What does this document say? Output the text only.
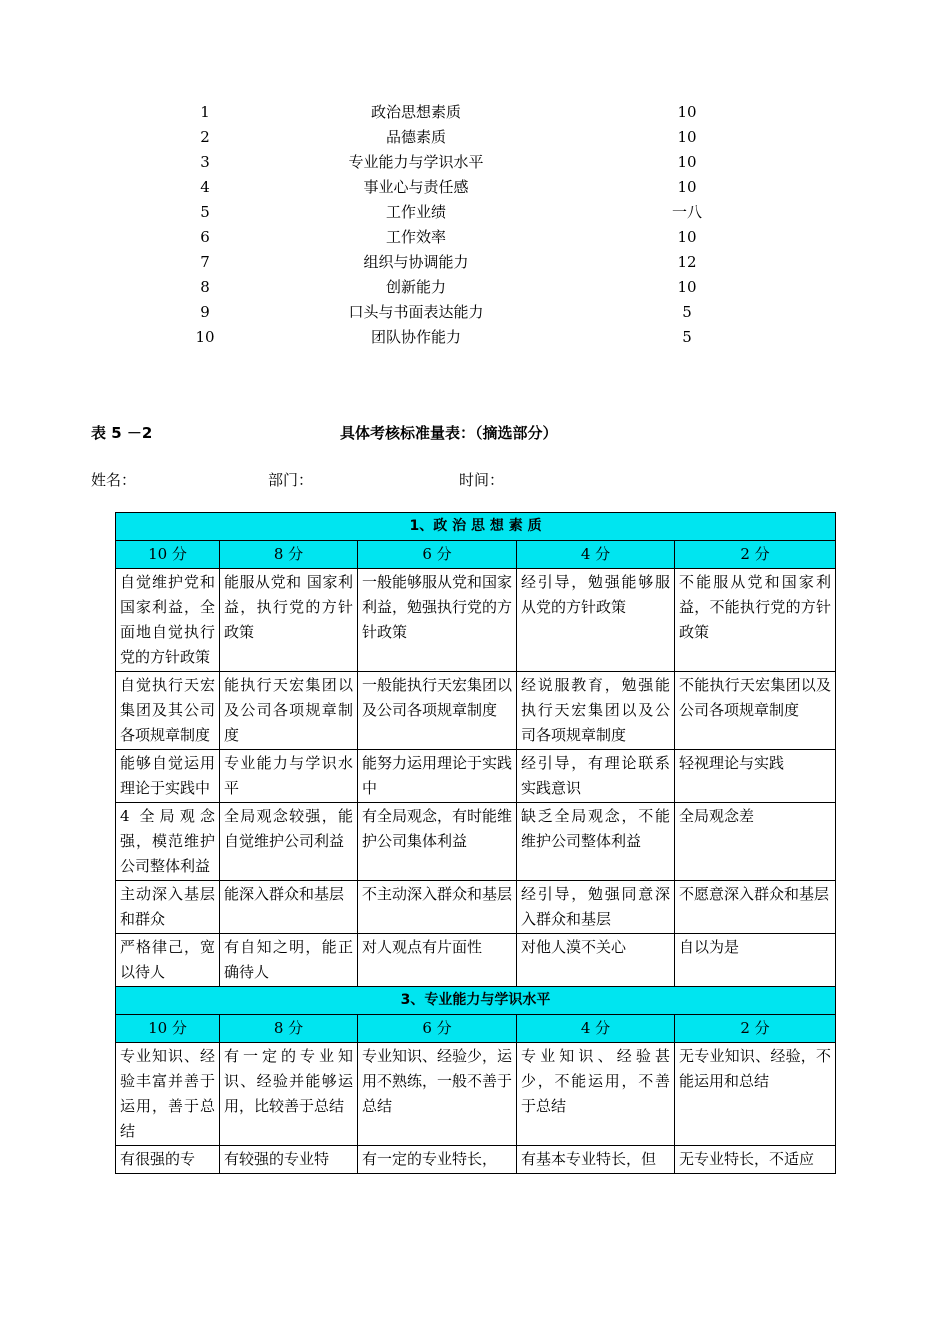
1	政治思想素质	10
2	品德素质	10
3	专业能力与学识水平	10
4	事业心与责任感	10
5	工作业绩	一八
6	工作效率	10
7	组织与协调能力	12
8	创新能力	10
9	口头与书面表达能力	5
10	团队协作能力	5
表 5 －2	具体考核标准量表：（摘选部分）
姓名：	部门：	时间：
1、政 治 思 想 素 质				
10 分	8 分	6 分	4 分	2 分
自觉维护党和国家利益，全面地自觉执行党的方针政策	能服从党和 国家利益，执行党的方针政策	一般能够服从党和国家利益，勉强执行党的方针政策	经引导，勉强能够服从党的方针政策	不能服从党和国家利益，不能执行党的方针政策
自觉执行天宏集团及其公司各项规章制度	能执行天宏集团以及公司各项规章制度	一般能执行天宏集团以及公司各项规章制度	经说服教育，勉强能执行天宏集团以及公司各项规章制度	不能执行天宏集团以及公司各项规章制度
能够自觉运用理论于实践中	专业能力与学识水平	能努力运用理论于实践中	经引导，有理论联系实践意识	轻视理论与实践
4 全局观念强，模范维护公司整体利益	全局观念较强，能自觉维护公司利益	有全局观念，有时能维护公司集体利益	缺乏全局观念，不能维护公司整体利益	全局观念差
主动深入基层和群众	能深入群众和基层	不主动深入群众和基层	经引导，勉强同意深入群众和基层	不愿意深入群众和基层
严格律己，宽以待人	有自知之明，能正确待人	对人观点有片面性	对他人漠不关心	自以为是
3、专业能力与学识水平				
10 分	8 分	6 分	4 分	2 分
专业知识、经验丰富并善于运用，善于总结	有一定的专业知识、经验并能够运用，比较善于总结	专业知识、经验少，运用不熟练，一般不善于总结	专业知识、经验甚少，不能运用，不善于总结	无专业知识、经验，不能运用和总结
有很强的专	有较强的专业特	有一定的专业特长，	有基本专业特长，但	无专业特长，不适应
